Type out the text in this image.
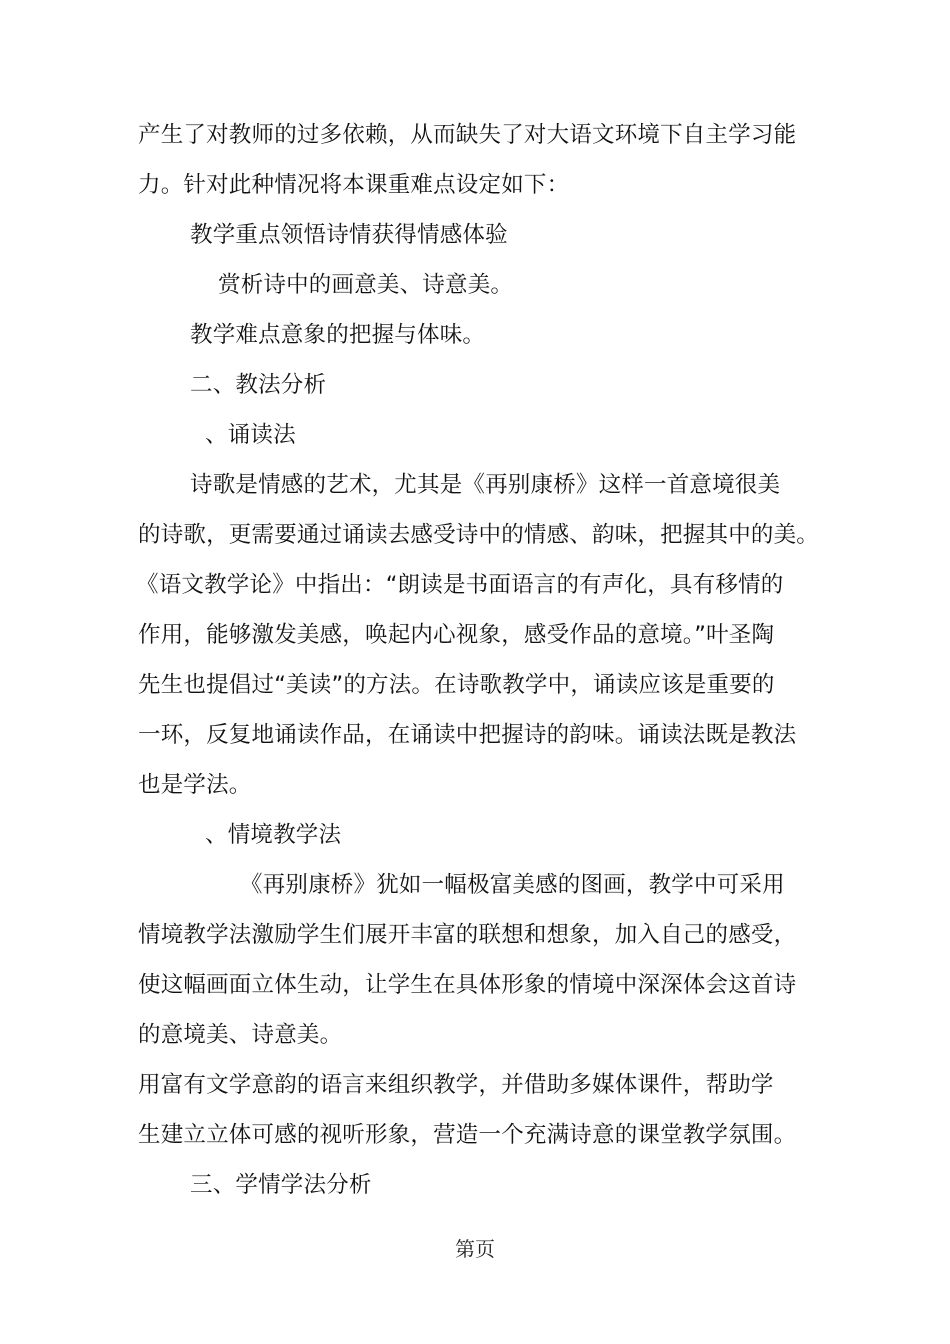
产生了对教师的过多依赖，从而缺失了对大语文环境下自主学习能
力。针对此种情况将本课重难点设定如下：
教学重点领悟诗情获得情感体验
赏析诗中的画意美、诗意美。
教学难点意象的把握与体味。
二、教法分析
、诵读法
诗歌是情感的艺术，尤其是《再别康桥》这样一首意境很美
的诗歌，更需要通过诵读去感受诗中的情感、韵味，把握其中的美。
《语文教学论》中指出：“朗读是书面语言的有声化，具有移情的
作用，能够激发美感，唤起内心视象，感受作品的意境。”叶圣陶
先生也提倡过“美读”的方法。在诗歌教学中，诵读应该是重要的
一环，反复地诵读作品，在诵读中把握诗的韵味。诵读法既是教法
也是学法。
、情境教学法
《再别康桥》犹如一幅极富美感的图画，教学中可采用
情境教学法激励学生们展开丰富的联想和想象，加入自己的感受，
使这幅画面立体生动，让学生在具体形象的情境中深深体会这首诗
的意境美、诗意美。
用富有文学意韵的语言来组织教学，并借助多媒体课件，帮助学
生建立立体可感的视听形象，营造一个充满诗意的课堂教学氛围。
三、学情学法分析
第页
